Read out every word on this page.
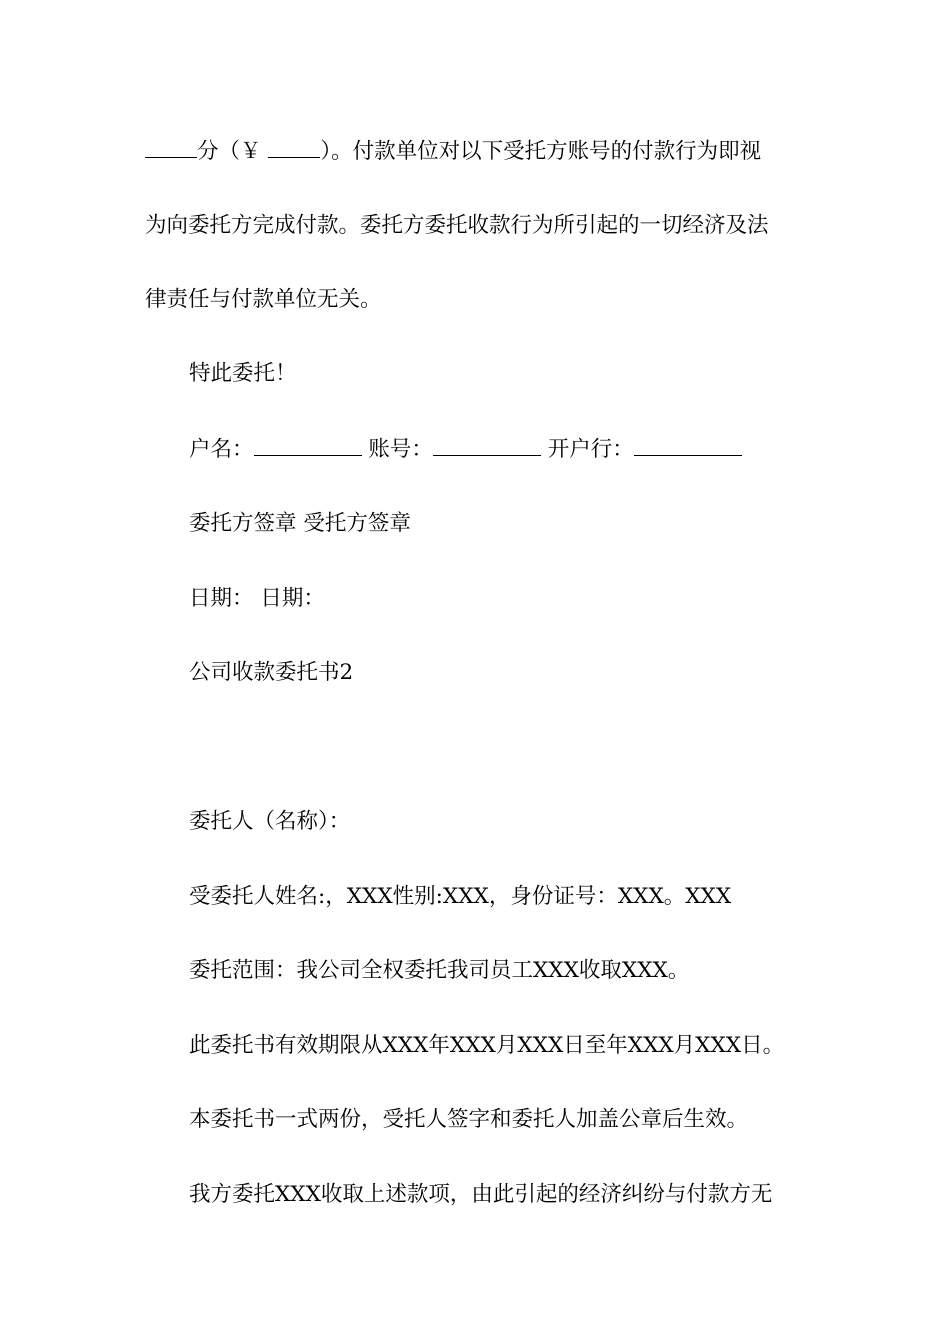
分（￥ ）。付款单位对以下受托方账号的付款行为即视
为向委托方完成付款。委托方委托收款行为所引起的一切经济及法
律责任与付款单位无关。
特此委托！
户名：	账号：	开户行：
委托方签章 受托方签章
日期： 日期：
公司收款委托书2
委托人（名称）：
受委托人姓名:，XXX性别:XXX，身份证号：XXX。XXX
委托范围：我公司全权委托我司员工XXX收取XXX。
此委托书有效期限从XXX年XXX月XXX日至年XXX月XXX日。
本委托书一式两份，受托人签字和委托人加盖公章后生效。
我方委托XXX收取上述款项，由此引起的经济纠纷与付款方无
